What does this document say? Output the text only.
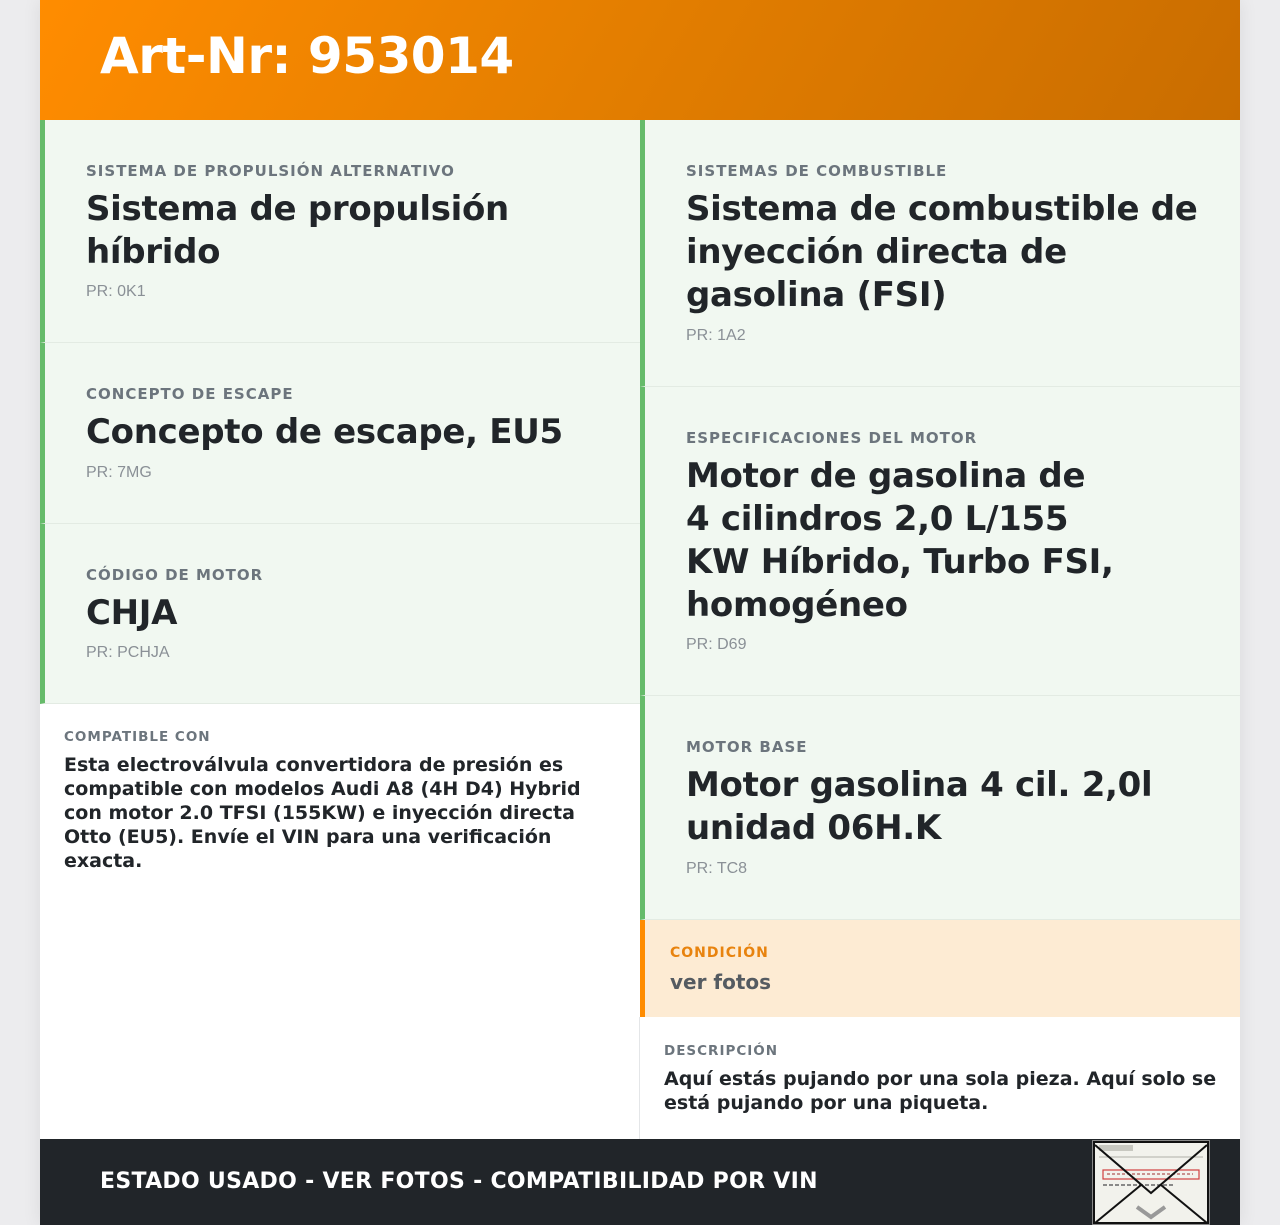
Art-Nr: 953014
SISTEMA DE PROPULSIÓN ALTERNATIVO
Sistema de propulsión híbrido
PR: 0K1
CONCEPTO DE ESCAPE
Concepto de escape, EU5
PR: 7MG
CÓDIGO DE MOTOR
CHJA
PR: PCHJA
COMPATIBLE CON
Esta electroválvula convertidora de presión es compatible con modelos Audi A8 (4H D4) Hybrid con motor 2.0 TFSI (155KW) e inyección directa Otto (EU5). Envíe el VIN para una verificación exacta.
SISTEMAS DE COMBUSTIBLE
Sistema de combustible de inyección directa de gasolina (FSI)
PR: 1A2
ESPECIFICACIONES DEL MOTOR
Motor de gasolina de 4 cilindros 2,0 L/155 KW Híbrido, Turbo FSI, homogéneo
PR: D69
MOTOR BASE
Motor gasolina 4 cil. 2,0l unidad 06H.K
PR: TC8
CONDICIÓN
ver fotos
DESCRIPCIÓN
Aquí estás pujando por una sola pieza. Aquí solo se está pujando por una piqueta.
ESTADO USADO - VER FOTOS - COMPATIBILIDAD POR VIN
